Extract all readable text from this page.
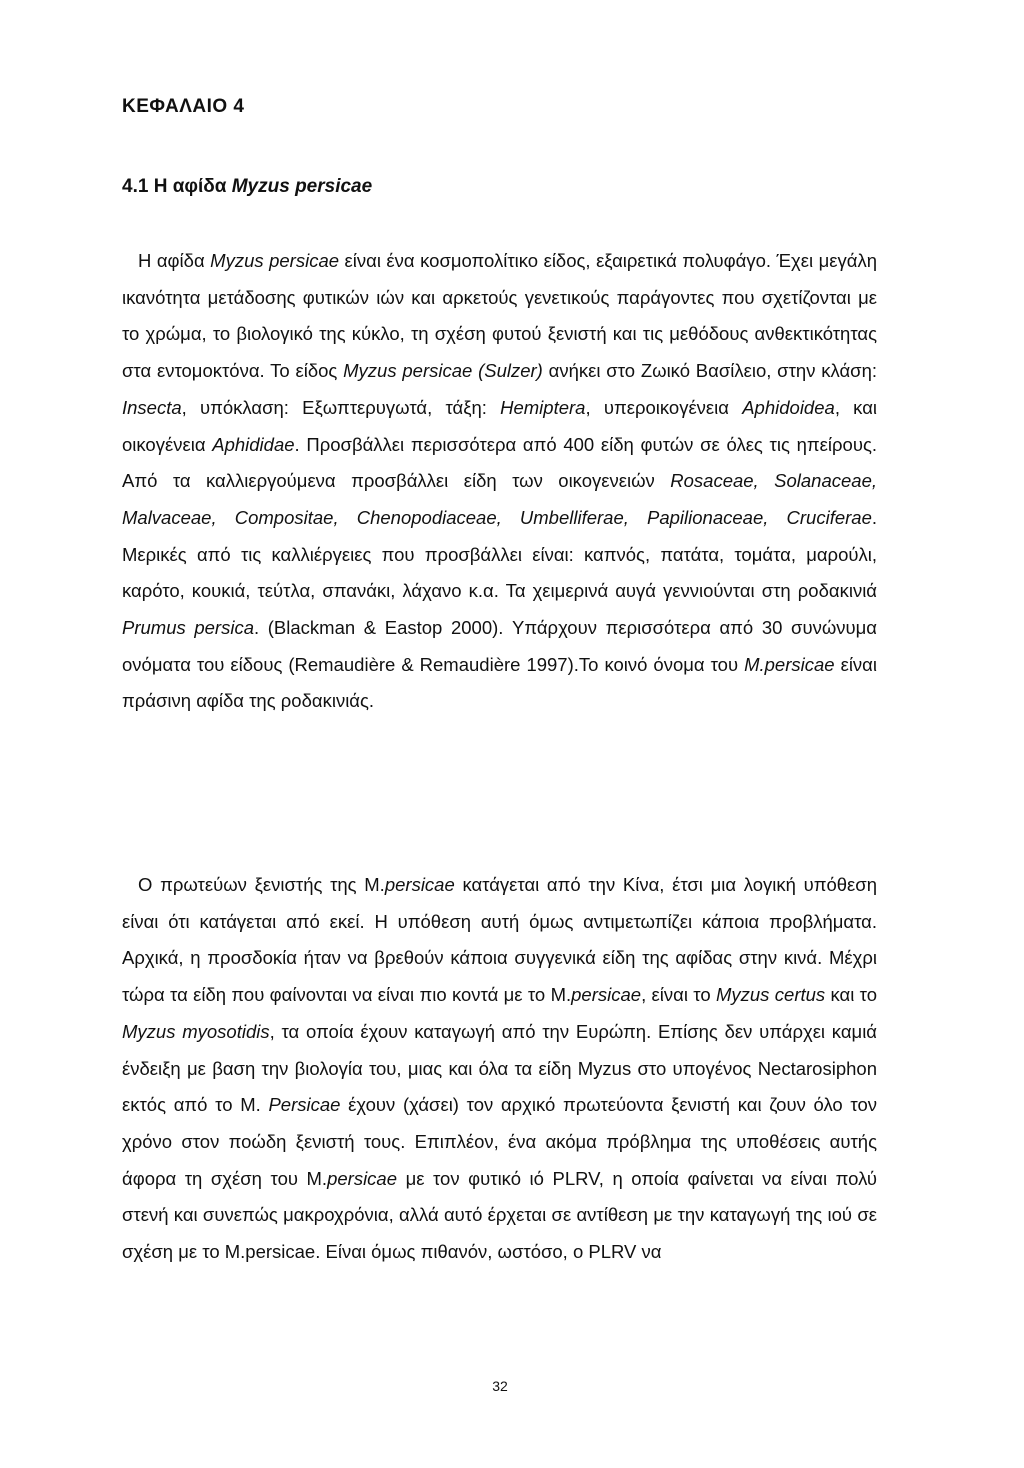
ΚΕΦΑΛΑΙΟ 4
4.1 Η αφίδα Myzus persicae

Η αφίδα Myzus persicae είναι ένα κοσμοπολίτικο είδος, εξαιρετικά πολυφάγο. Έχει μεγάλη ικανότητα μετάδοσης φυτικών ιών και αρκετούς γενετικούς παράγοντες που σχετίζονται με το χρώμα, το βιολογικό της κύκλο, τη σχέση φυτού ξενιστή και τις μεθόδους ανθεκτικότητας στα εντομοκτόνα. Το είδος Myzus persicae (Sulzer) ανήκει στο Ζωικό Βασίλειο, στην κλάση: Insecta, υπόκλαση: Εξωπτερυγωτά, τάξη: Hemiptera, υπεροικογένεια Aphidoidea, και οικογένεια Aphididae. Προσβάλλει περισσότερα από 400 είδη φυτών σε όλες τις ηπείρους. Από τα καλλιεργούμενα προσβάλλει είδη των οικογενειών Rosaceae, Solanaceae, Malvaceae, Compositae, Chenopodiaceae, Umbelliferae, Papilionaceae, Cruciferae. Μερικές από τις καλλιέργειες που προσβάλλει είναι: καπνός, πατάτα, τομάτα, μαρούλι, καρότο, κουκιά, τεύτλα, σπανάκι, λάχανο κ.α. Τα χειμερινά αυγά γεννιούνται στη ροδακινιά Prumus persica. (Blackman & Eastop 2000). Υπάρχουν περισσότερα από 30 συνώνυμα ονόματα του είδους (Remaudière & Remaudière 1997).Το κοινό όνομα του M.persicae είναι πράσινη αφίδα της ροδακινιάς.

Ο πρωτεύων ξενιστής της M.persicae κατάγεται από την Κίνα, έτσι μια λογική υπόθεση είναι ότι κατάγεται από εκεί. Η υπόθεση αυτή όμως αντιμετωπίζει κάποια προβλήματα. Αρχικά, η προσδοκία ήταν να βρεθούν κάποια συγγενικά είδη της αφίδας στην κινά. Μέχρι τώρα τα είδη που φαίνονται να είναι πιο κοντά με το M.persicae, είναι το Myzus certus και το Myzus myosotidis, τα οποία έχουν καταγωγή από την Ευρώπη. Επίσης δεν υπάρχει καμιά ένδειξη με βαση την βιολογία του, μιας και όλα τα είδη Myzus στο υπογένος Nectarosiphon εκτός από το M. Persicae έχουν (χάσει) τον αρχικό πρωτεύοντα ξενιστή και ζουν όλο τον χρόνο στον ποώδη ξενιστή τους. Επιπλέον, ένα ακόμα πρόβλημα της υποθέσεις αυτής άφορα τη σχέση του M.persicae με τον φυτικό ιό PLRV, η οποία φαίνεται να είναι πολύ στενή και συνεπώς μακροχρόνια, αλλά αυτό έρχεται σε αντίθεση με την καταγωγή της ιού σε σχέση με το M.persicae. Είναι όμως πιθανόν, ωστόσο, ο PLRV να

32
